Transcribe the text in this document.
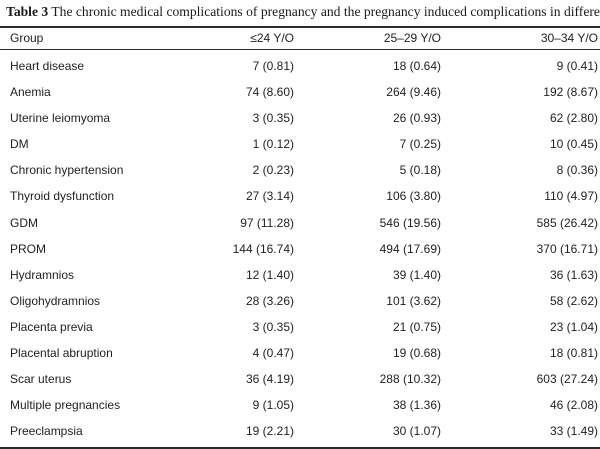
Table 3 The chronic medical complications of pregnancy and the pregnancy induced complications in differe
Group	≤24 Y/O	25–29 Y/O	30–34 Y/O
Heart disease	7 (0.81)	18 (0.64)	9 (0.41)
Anemia	74 (8.60)	264 (9.46)	192 (8.67)
Uterine leiomyoma	3 (0.35)	26 (0.93)	62 (2.80)
DM	1 (0.12)	7 (0.25)	10 (0.45)
Chronic hypertension	2 (0.23)	5 (0.18)	8 (0.36)
Thyroid dysfunction	27 (3.14)	106 (3.80)	110 (4.97)
GDM	97 (11.28)	546 (19.56)	585 (26.42)
PROM	144 (16.74)	494 (17.69)	370 (16.71)
Hydramnios	12 (1.40)	39 (1.40)	36 (1.63)
Oligohydramnios	28 (3.26)	101 (3.62)	58 (2.62)
Placenta previa	3 (0.35)	21 (0.75)	23 (1.04)
Placental abruption	4 (0.47)	19 (0.68)	18 (0.81)
Scar uterus	36 (4.19)	288 (10.32)	603 (27.24)
Multiple pregnancies	9 (1.05)	38 (1.36)	46 (2.08)
Preeclampsia	19 (2.21)	30 (1.07)	33 (1.49)
